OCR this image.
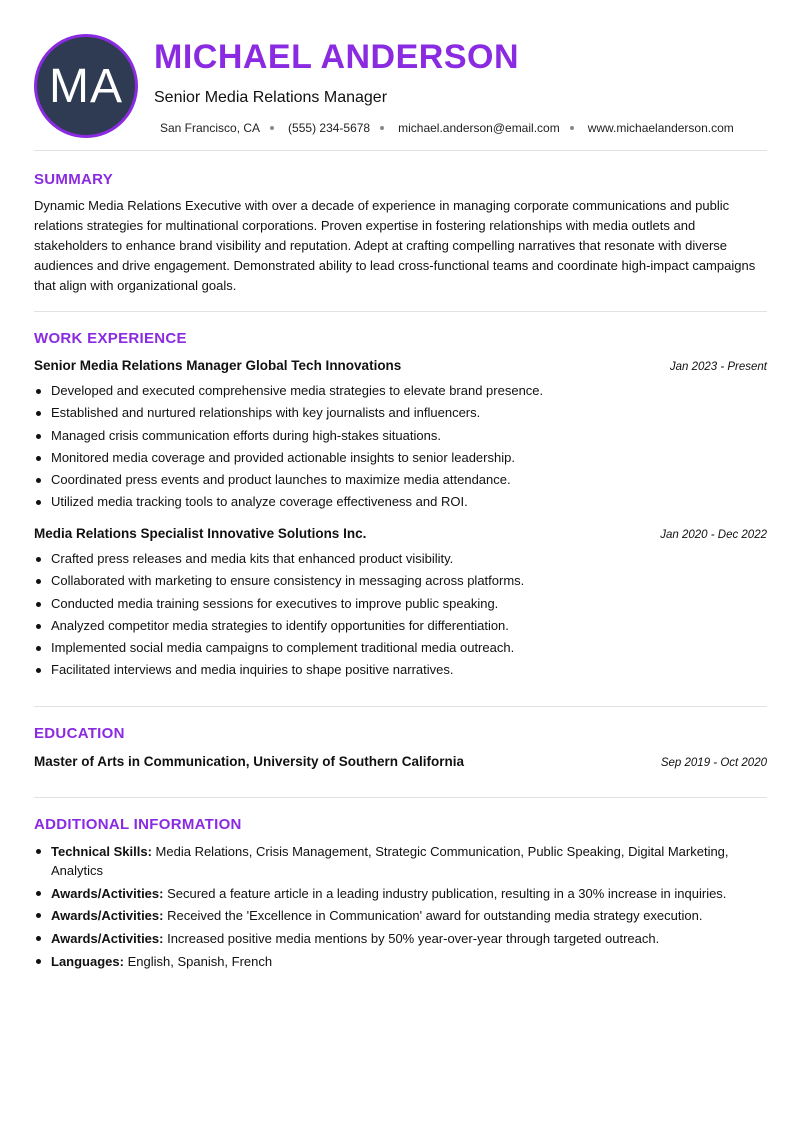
MA
MICHAEL ANDERSON
Senior Media Relations Manager
San Francisco, CA (555) 234-5678 michael.anderson@email.com www.michaelanderson.com
SUMMARY

Dynamic Media Relations Executive with over a decade of experience in managing corporate communications and public relations strategies for multinational corporations. Proven expertise in fostering relationships with media outlets and stakeholders to enhance brand visibility and reputation. Adept at crafting compelling narratives that resonate with diverse audiences and drive engagement. Demonstrated ability to lead cross-functional teams and coordinate high-impact campaigns that align with organizational goals.

WORK EXPERIENCE
Senior Media Relations Manager Global Tech Innovations	Jan 2023 - Present
Developed and executed comprehensive media strategies to elevate brand presence.
Established and nurtured relationships with key journalists and influencers.
Managed crisis communication efforts during high-stakes situations.
Monitored media coverage and provided actionable insights to senior leadership.
Coordinated press events and product launches to maximize media attendance.
Utilized media tracking tools to analyze coverage effectiveness and ROI.
Media Relations Specialist Innovative Solutions Inc.	Jan 2020 - Dec 2022
Crafted press releases and media kits that enhanced product visibility.
Collaborated with marketing to ensure consistency in messaging across platforms.
Conducted media training sessions for executives to improve public speaking.
Analyzed competitor media strategies to identify opportunities for differentiation.
Implemented social media campaigns to complement traditional media outreach.
Facilitated interviews and media inquiries to shape positive narratives.
EDUCATION
Master of Arts in Communication, University of Southern California	Sep 2019 - Oct 2020
ADDITIONAL INFORMATION
Technical Skills: Media Relations, Crisis Management, Strategic Communication, Public Speaking, Digital Marketing, Analytics
Awards/Activities: Secured a feature article in a leading industry publication, resulting in a 30% increase in inquiries.
Awards/Activities: Received the 'Excellence in Communication' award for outstanding media strategy execution.
Awards/Activities: Increased positive media mentions by 50% year-over-year through targeted outreach.
Languages: English, Spanish, French
